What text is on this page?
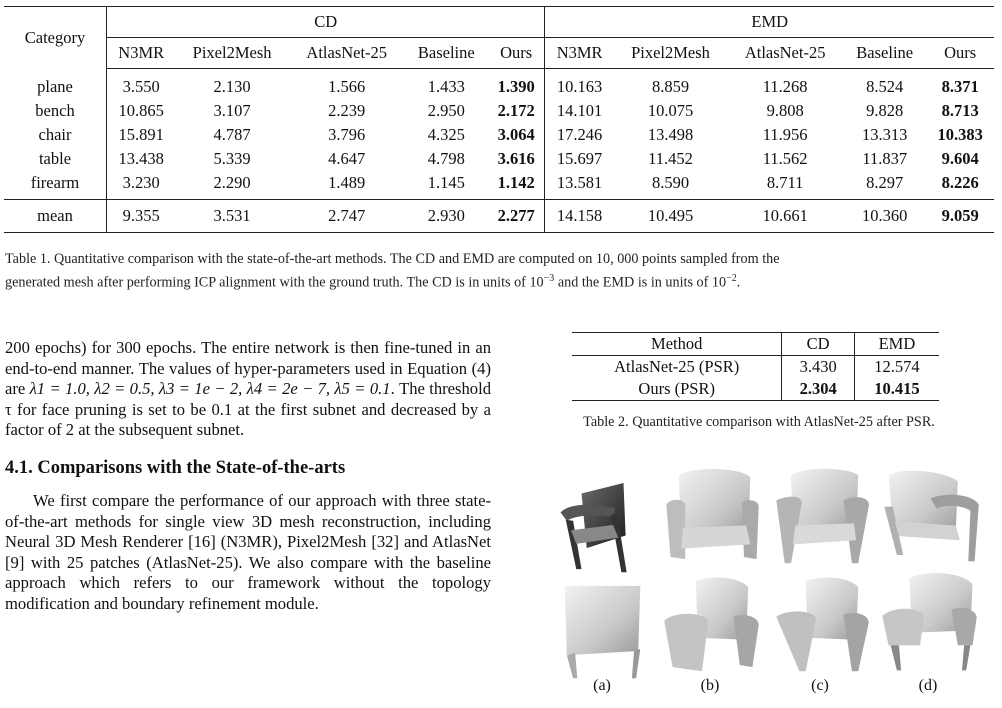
Category	CD					EMD				
	N3MR	Pixel2Mesh	AtlasNet-25	Baseline	Ours	N3MR	Pixel2Mesh	AtlasNet-25	Baseline	Ours
plane	3.550	2.130	1.566	1.433	1.390	10.163	8.859	11.268	8.524	8.371
bench	10.865	3.107	2.239	2.950	2.172	14.101	10.075	9.808	9.828	8.713
chair	15.891	4.787	3.796	4.325	3.064	17.246	13.498	11.956	13.313	10.383
table	13.438	5.339	4.647	4.798	3.616	15.697	11.452	11.562	11.837	9.604
firearm	3.230	2.290	1.489	1.145	1.142	13.581	8.590	8.711	8.297	8.226
mean	9.355	3.531	2.747	2.930	2.277	14.158	10.495	10.661	10.360	9.059
Table 1. Quantitative comparison with the state-of-the-art methods. The CD and EMD are computed on 10, 000 points sampled from the
generated mesh after performing ICP alignment with the ground truth. The CD is in units of $10^{-3}$ and the EMD is in units of $10^{-2}$.

200 epochs) for 300 epochs. The entire network is then fine-tuned in an end-to-end manner. The values of hyper-parameters used in Equation (4) are λ1 = 1.0, λ2 = 0.5, λ3 = 1e − 2, λ4 = 2e − 7, λ5 = 0.1. The threshold τ for face pruning is set to be 0.1 at the first subnet and decreased by a factor of 2 at the subsequent subnet.

4.1. Comparisons with the State-of-the-arts

We first compare the performance of our approach with three state-of-the-art methods for single view 3D mesh reconstruction, including Neural 3D Mesh Renderer [16] (N3MR), Pixel2Mesh [32] and AtlasNet [9] with 25 patches (AtlasNet-25). We also compare with the baseline approach which refers to our framework without the topology modification and boundary refinement module.

Method	CD	EMD
AtlasNet-25 (PSR)	3.430	12.574
Ours (PSR)	2.304	10.415
Table 2. Quantitative comparison with AtlasNet-25 after PSR.
(a)	(b)	(c)	(d)
